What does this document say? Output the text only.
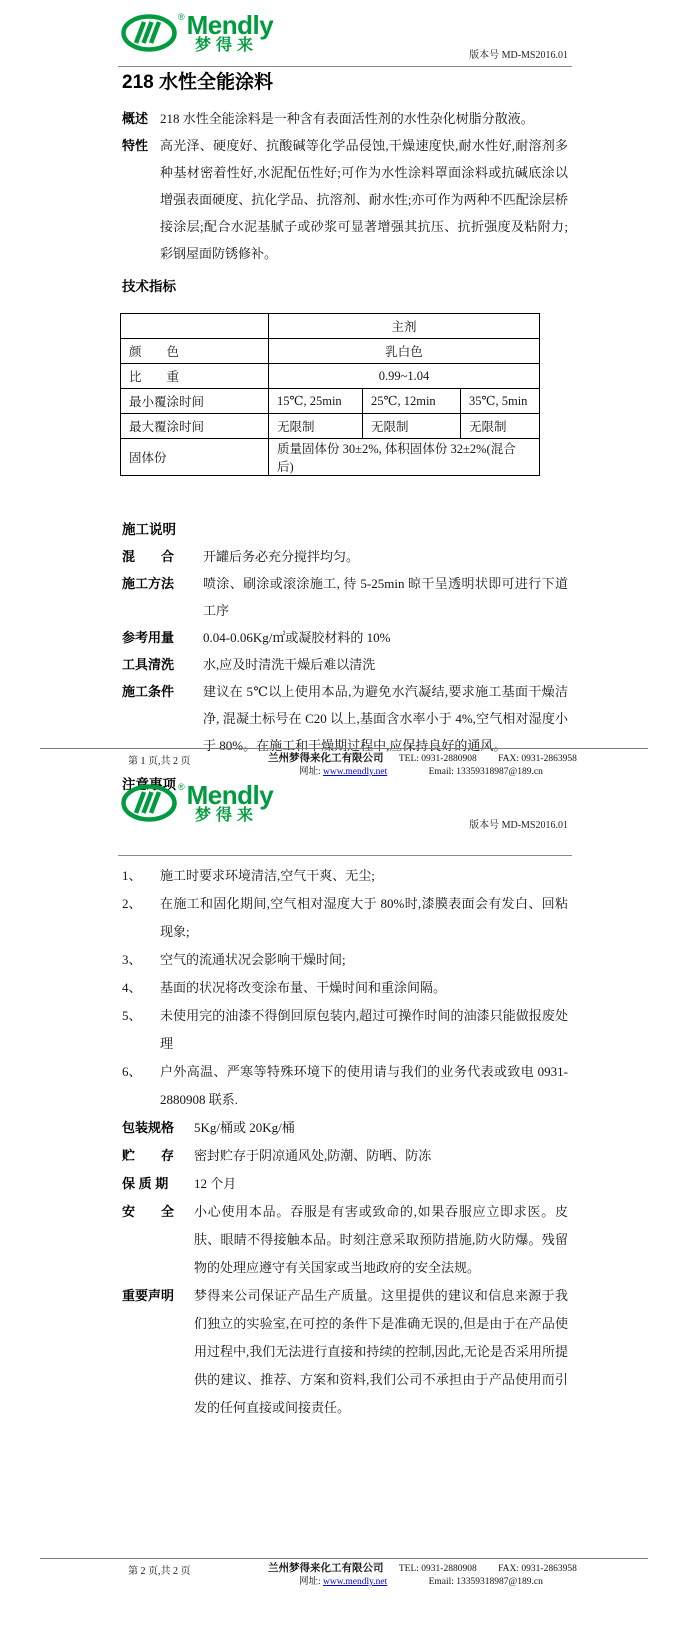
® Mendly
梦得来
版本号 MD-MS2016.01
218 水性全能涂料
概述 218 水性全能涂料是一种含有表面活性剂的水性杂化树脂分散液。
特性 高光泽、硬度好、抗酸碱等化学品侵蚀,干燥速度快,耐水性好,耐溶剂多种基材密着性好,水泥配伍性好;可作为水性涂料罩面涂料或抗碱底涂以增强表面硬度、抗化学品、抗溶剂、耐水性;亦可作为两种不匹配涂层桥接涂层;配合水泥基腻子或砂浆可显著增强其抗压、抗折强度及粘附力;彩钢屋面防锈修补。
技术指标
	主剂		
颜　　色	乳白色		
比　　重	0.99~1.04		
最小覆涂时间	15℃, 25min	25℃, 12min	35℃, 5min
最大覆涂时间	无限制	无限制	无限制
固体份	质量固体份 30±2%, 体积固体份 32±2%(混合后)		
施工说明
混　　合	开罐后务必充分搅拌均匀。
施工方法	喷涂、刷涂或滚涂施工, 待 5-25min 晾干呈透明状即可进行下道工序
参考用量	0.04-0.06Kg/㎡或凝胶材料的 10%
工具清洗	水,应及时清洗干燥后难以清洗
施工条件	建议在 5℃以上使用本品,为避免水汽凝结,要求施工基面干燥洁净, 混凝土标号在 C20 以上,基面含水率小于 4%,空气相对湿度小于 80%。在施工和干燥期过程中,应保持良好的通风。
注意事项
第 1 页,共 2 页	兰州梦得来化工有限公司 TEL: 0931-2880908 FAX: 0931-2863958
网址: www.mendly.net	Email: 13359318987@189.cn
® Mendly
梦得来
版本号 MD-MS2016.01
1、	施工时要求环境清洁,空气干爽、无尘;
2、	在施工和固化期间,空气相对湿度大于 80%时,漆膜表面会有发白、回粘现象;
3、	空气的流通状况会影响干燥时间;
4、	基面的状况将改变涂布量、干燥时间和重涂间隔。
5、	未使用完的油漆不得倒回原包装内,超过可操作时间的油漆只能做报废处理
6、	户外高温、严寒等特殊环境下的使用请与我们的业务代表或致电 0931-2880908 联系.
包装规格	5Kg/桶或 20Kg/桶
贮　　存	密封贮存于阴凉通风处,防潮、防晒、防冻
保 质 期	12 个月
安　　全	小心使用本品。吞服是有害或致命的,如果吞服应立即求医。皮肤、眼睛不得接触本品。时刻注意采取预防措施,防火防爆。残留物的处理应遵守有关国家或当地政府的安全法规。
重要声明	梦得来公司保证产品生产质量。这里提供的建议和信息来源于我们独立的实验室,在可控的条件下是准确无误的,但是由于在产品使用过程中,我们无法进行直接和持续的控制,因此,无论是否采用所提供的建议、推荐、方案和资料,我们公司不承担由于产品使用而引发的任何直接或间接责任。
第 2 页,共 2 页	兰州梦得来化工有限公司 TEL: 0931-2880908 FAX: 0931-2863958
网址: www.mendly.net	Email: 13359318987@189.cn
